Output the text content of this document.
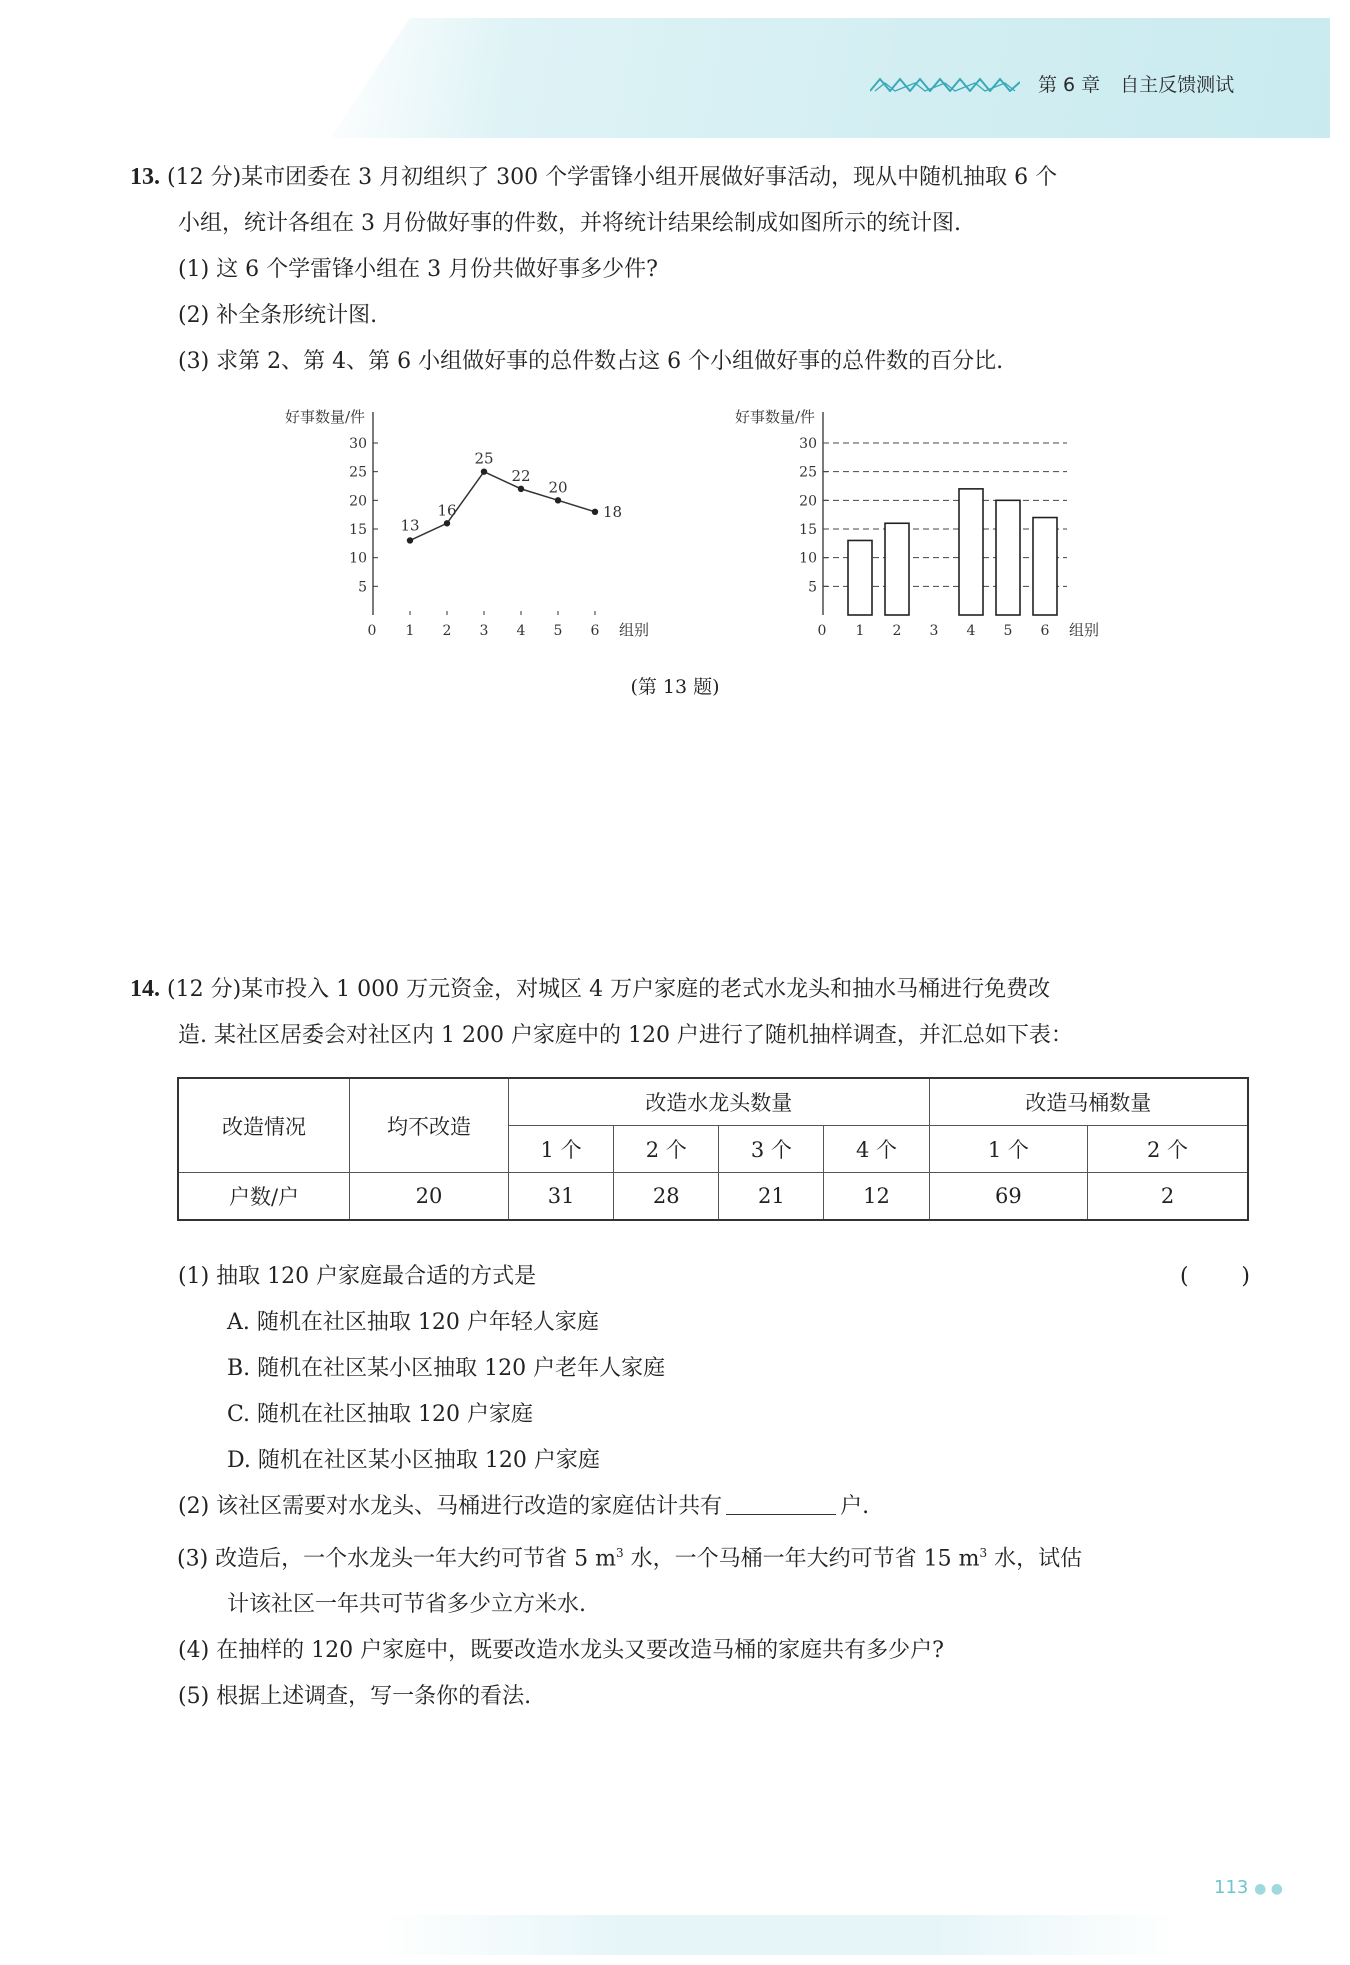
第 6 章 自主反馈测试
13. (12 分)某市团委在 3 月初组织了 300 个学雷锋小组开展做好事活动，现从中随机抽取 6 个
小组，统计各组在 3 月份做好事的件数，并将统计结果绘制成如图所示的统计图.
(1) 这 6 个学雷锋小组在 3 月份共做好事多少件?
(2) 补全条形统计图.
(3) 求第 2、第 4、第 6 小组做好事的总件数占这 6 个小组做好事的总件数的百分比.
好事数量/件
5
10
15
20
25
30
0 1 2 3 4 5 6 组别
13
16
25
22
20
18
好事数量/件
5
10
15
20
25
30
0 1 2 3 4 5 6 组别
(第 13 题)
14. (12 分)某市投入 1 000 万元资金，对城区 4 万户家庭的老式水龙头和抽水马桶进行免费改
造. 某社区居委会对社区内 1 200 户家庭中的 120 户进行了随机抽样调查，并汇总如下表：
改造情况	均不改造	改造水龙头数量				改造马桶数量	
		1 个	2 个	3 个	4 个	1 个	2 个
户数/户	20	31	28	21	12	69	2
(1) 抽取 120 户家庭最合适的方式是	( )
A. 随机在社区抽取 120 户年轻人家庭
B. 随机在社区某小区抽取 120 户老年人家庭
C. 随机在社区抽取 120 户家庭
D. 随机在社区某小区抽取 120 户家庭
(2) 该社区需要对水龙头、马桶进行改造的家庭估计共有	户.
(3) 改造后，一个水龙头一年大约可节省 5 $m^3$ 水，一个马桶一年大约可节省 15 $m^3$ 水，试估
计该社区一年共可节省多少立方米水.
(4) 在抽样的 120 户家庭中，既要改造水龙头又要改造马桶的家庭共有多少户?
(5) 根据上述调查，写一条你的看法.
113 ● ●
